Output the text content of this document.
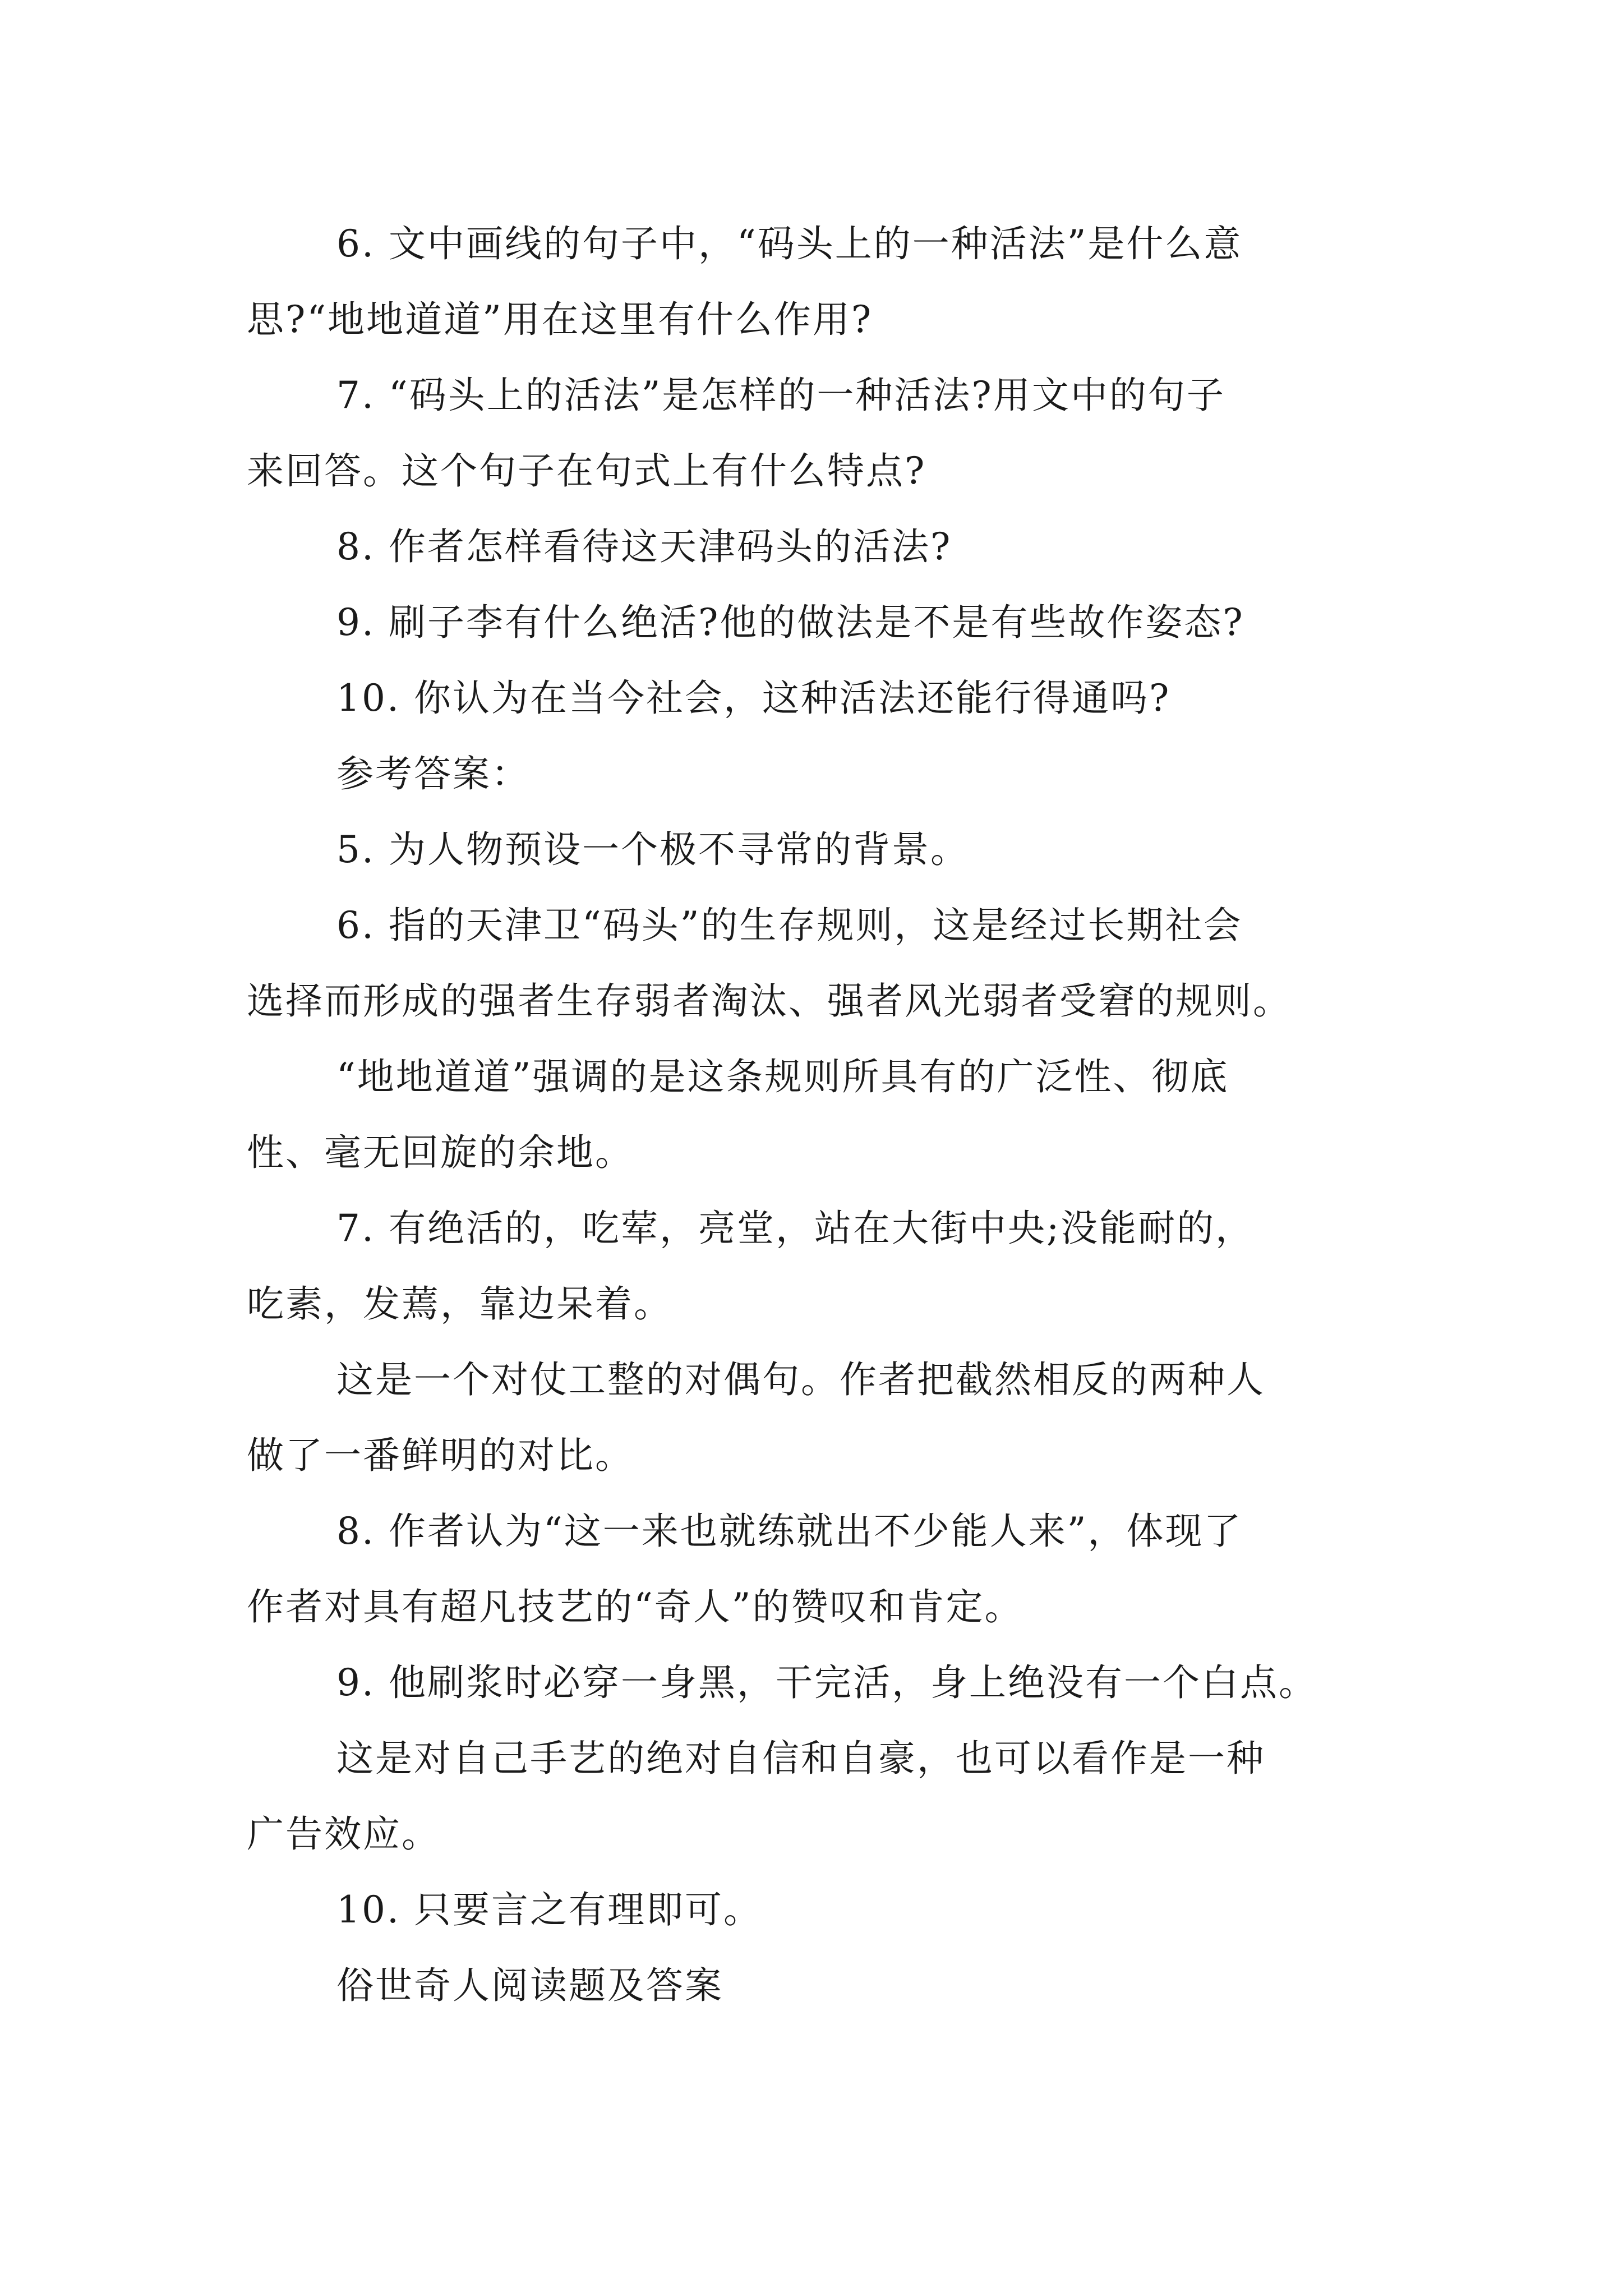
6. 文中画线的句子中，“码头上的一种活法”是什么意
思?“地地道道”用在这里有什么作用?
7. “码头上的活法”是怎样的一种活法?用文中的句子
来回答。这个句子在句式上有什么特点?
8. 作者怎样看待这天津码头的活法?
9. 刷子李有什么绝活?他的做法是不是有些故作姿态?
10. 你认为在当今社会，这种活法还能行得通吗?
参考答案：
5. 为人物预设一个极不寻常的背景。
6. 指的天津卫“码头”的生存规则，这是经过长期社会
选择而形成的强者生存弱者淘汰、强者风光弱者受窘的规则。
“地地道道”强调的是这条规则所具有的广泛性、彻底
性、毫无回旋的余地。
7. 有绝活的，吃荤，亮堂，站在大街中央;没能耐的，
吃素，发蔫，靠边呆着。
这是一个对仗工整的对偶句。作者把截然相反的两种人
做了一番鲜明的对比。
8. 作者认为“这一来也就练就出不少能人来”，体现了
作者对具有超凡技艺的“奇人”的赞叹和肯定。
9. 他刷浆时必穿一身黑，干完活，身上绝没有一个白点。
这是对自己手艺的绝对自信和自豪，也可以看作是一种
广告效应。
10. 只要言之有理即可。
俗世奇人阅读题及答案
